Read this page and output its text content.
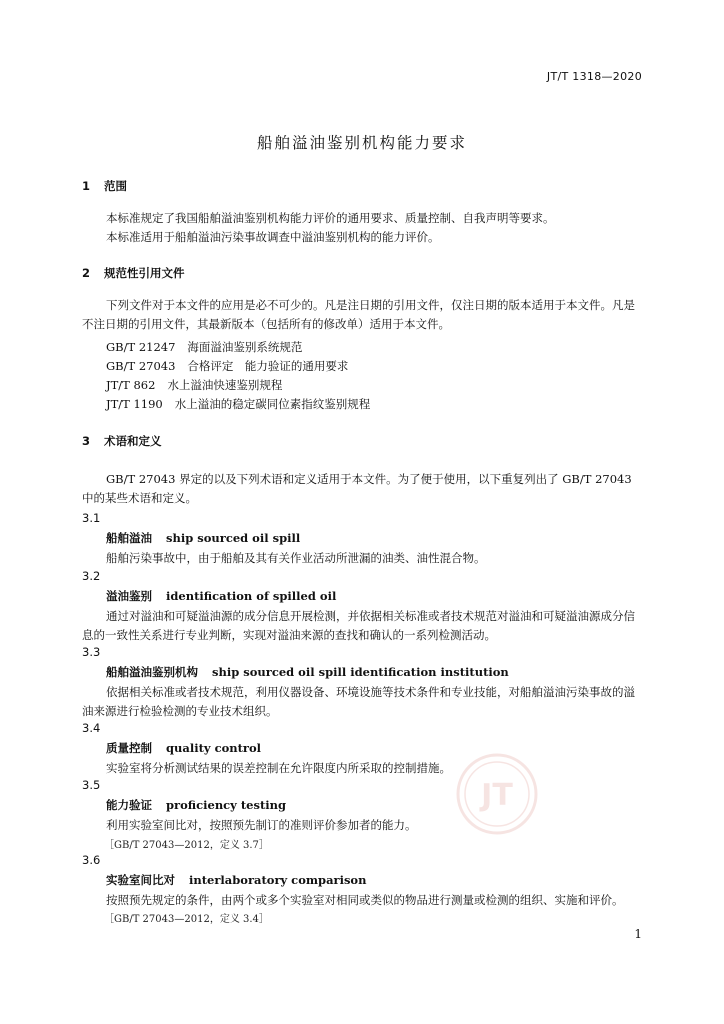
JT/T 1318—2020
船舶溢油鉴别机构能力要求
1 范围
本标准规定了我国船舶溢油鉴别机构能力评价的通用要求、质量控制、自我声明等要求。
本标准适用于船舶溢油污染事故调查中溢油鉴别机构的能力评价。
2 规范性引用文件
下列文件对于本文件的应用是必不可少的。凡是注日期的引用文件，仅注日期的版本适用于本文件。凡是不注日期的引用文件，其最新版本（包括所有的修改单）适用于本文件。
GB/T 21247 海面溢油鉴别系统规范
GB/T 27043 合格评定　能力验证的通用要求
JT/T 862 水上溢油快速鉴别规程
JT/T 1190 水上溢油的稳定碳同位素指纹鉴别规程
3 术语和定义
GB/T 27043 界定的以及下列术语和定义适用于本文件。为了便于使用，以下重复列出了 GB/T 27043 中的某些术语和定义。
3.1
船舶溢油 ship sourced oil spill
船舶污染事故中，由于船舶及其有关作业活动所泄漏的油类、油性混合物。
3.2
溢油鉴别 identification of spilled oil
通过对溢油和可疑溢油源的成分信息开展检测，并依据相关标准或者技术规范对溢油和可疑溢油源成分信息的一致性关系进行专业判断，实现对溢油来源的查找和确认的一系列检测活动。
3.3
船舶溢油鉴别机构 ship sourced oil spill identification institution
依据相关标准或者技术规范，利用仪器设备、环境设施等技术条件和专业技能，对船舶溢油污染事故的溢油来源进行检验检测的专业技术组织。
3.4
质量控制 quality control
实验室将分析测试结果的误差控制在允许限度内所采取的控制措施。
3.5
能力验证 proficiency testing
利用实验室间比对，按照预先制订的准则评价参加者的能力。
［GB/T 27043—2012，定义 3.7］
3.6
实验室间比对 interlaboratory comparison
按照预先规定的条件，由两个或多个实验室对相同或类似的物品进行测量或检测的组织、实施和评价。
［GB/T 27043—2012，定义 3.4］
JT
1
